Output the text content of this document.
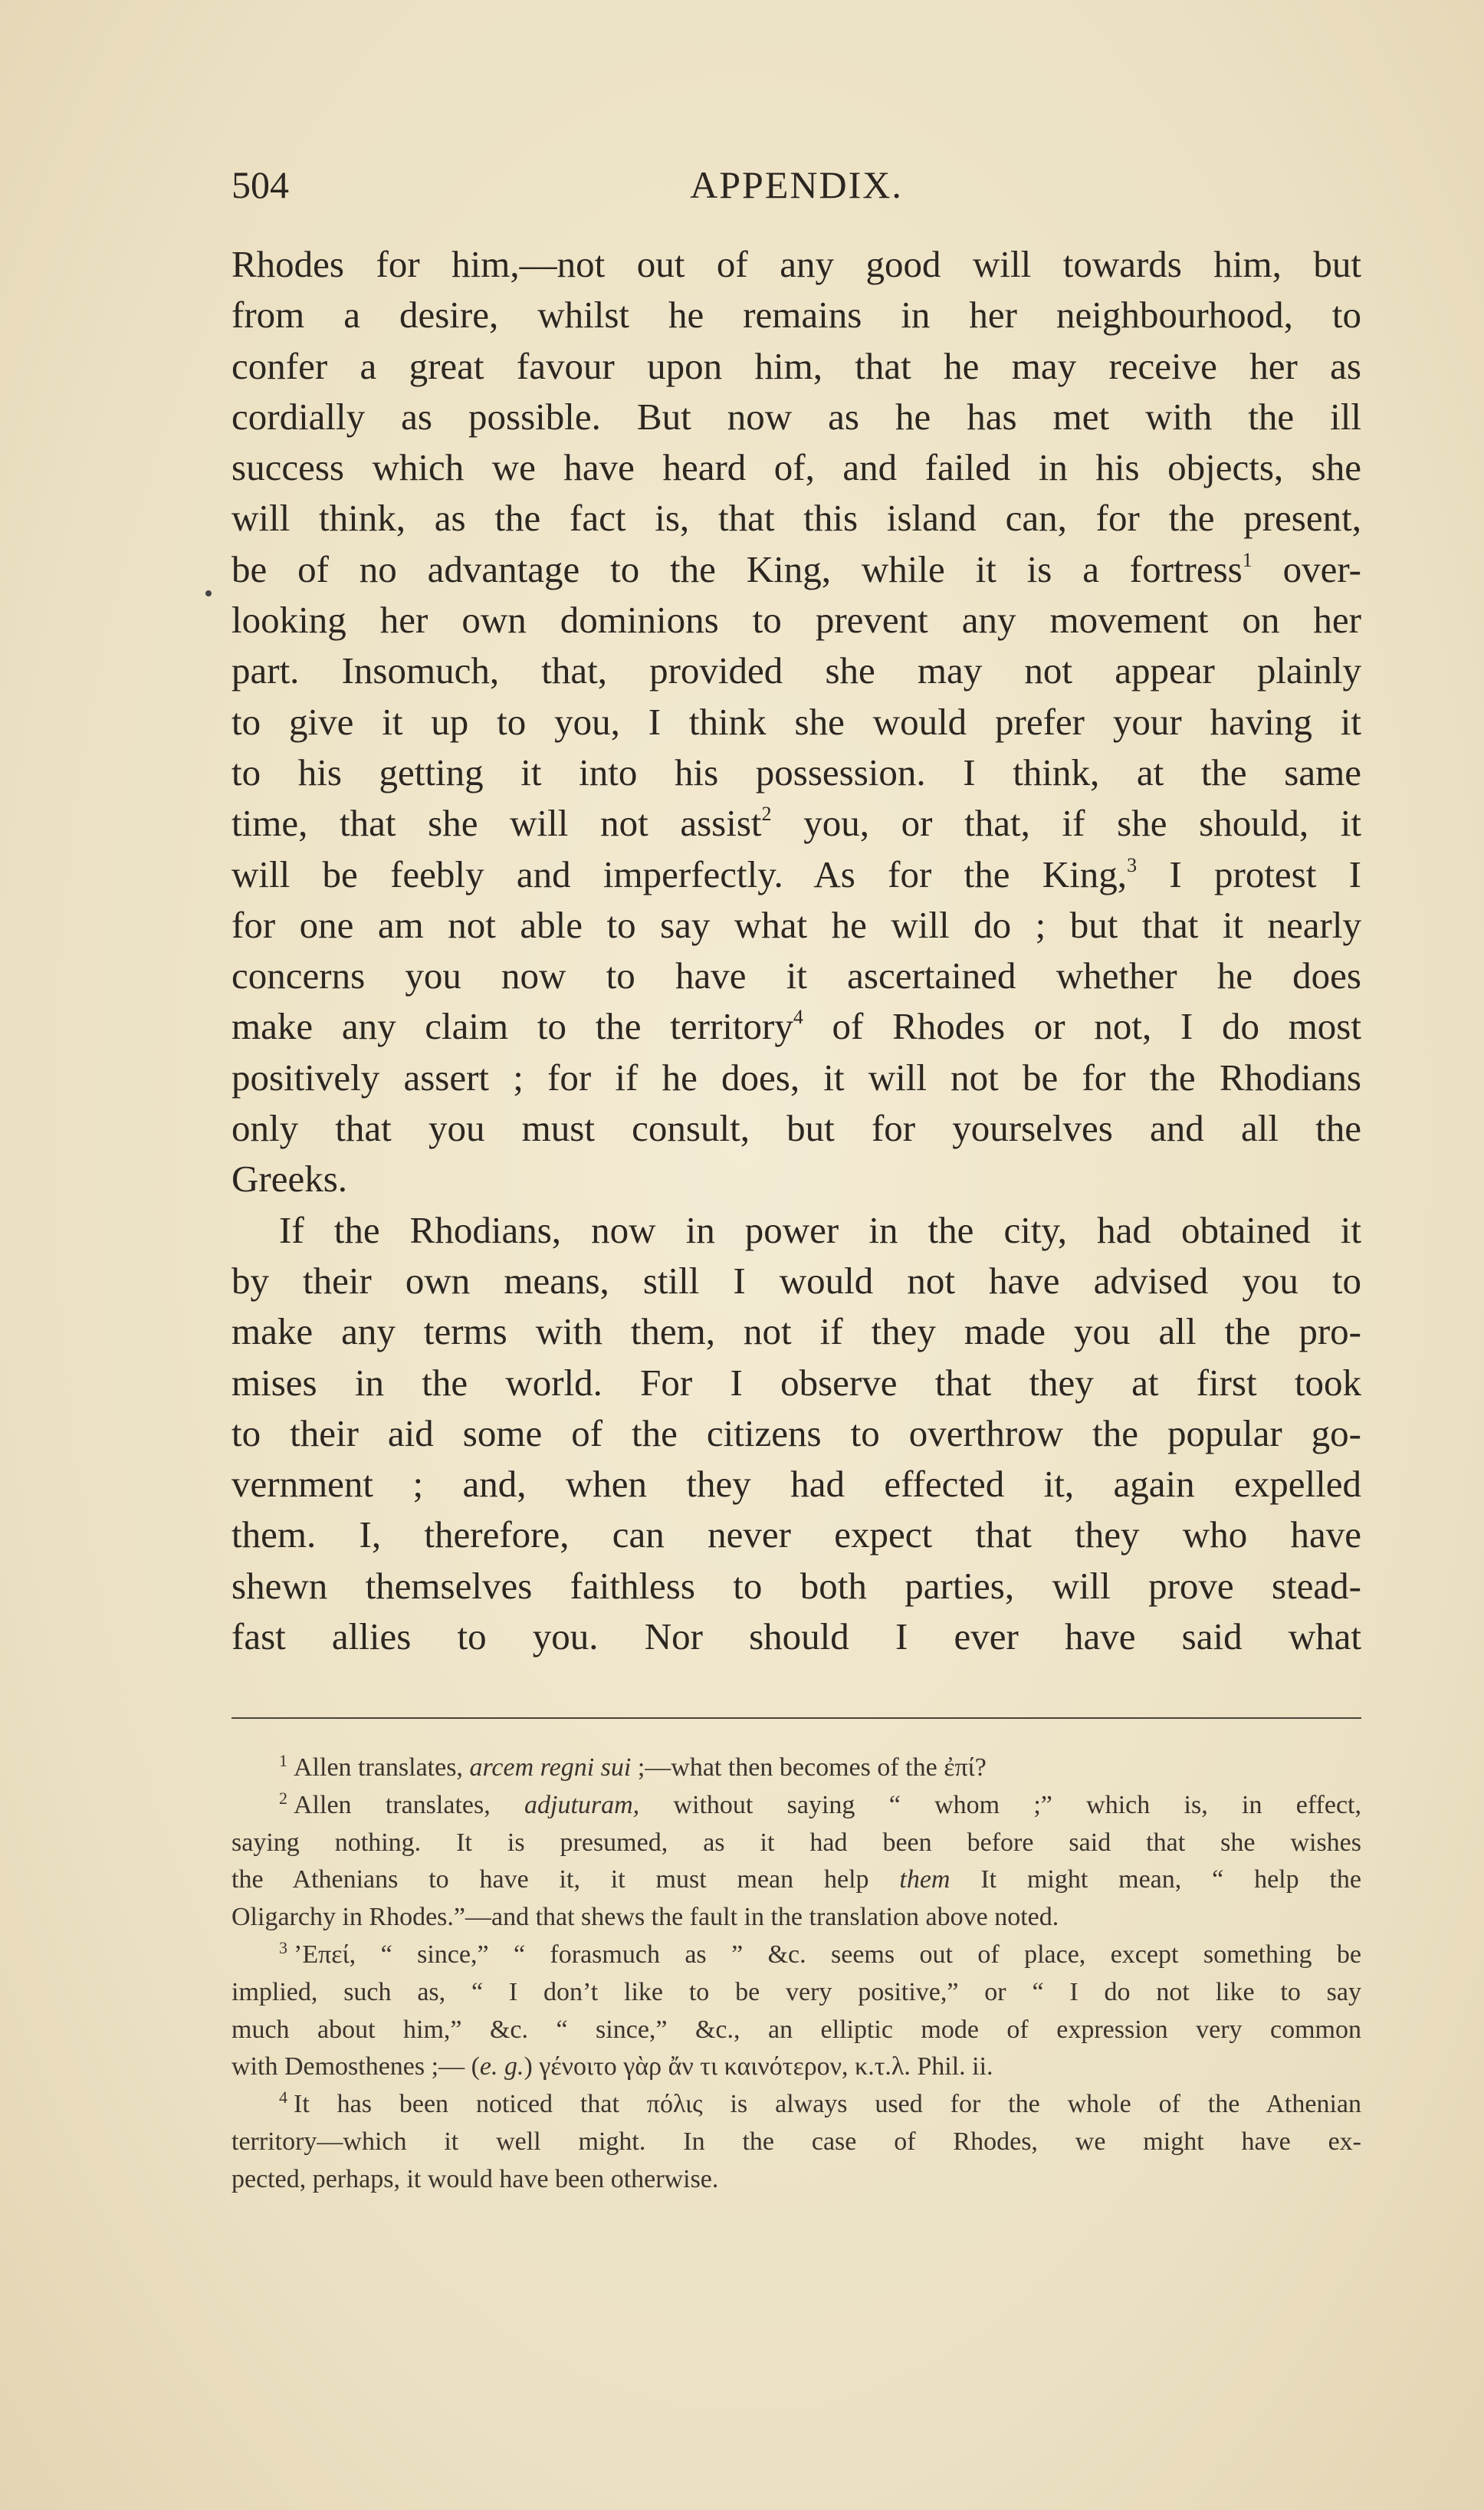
504	APPENDIX.
Rhodes for him,—not out of any good will towards him, but
from a desire, whilst he remains in her neighbourhood, to
confer a great favour upon him, that he may receive her as
cordially as possible. But now as he has met with the ill
success which we have heard of, and failed in his objects, she
will think, as the fact is, that this island can, for the present,
be of no advantage to the King, while it is a fortress$^1$ over-
looking her own dominions to prevent any movement on her
part. Insomuch, that, provided she may not appear plainly
to give it up to you, I think she would prefer your having it
to his getting it into his possession. I think, at the same
time, that she will not assist$^2$ you, or that, if she should, it
will be feebly and imperfectly. As for the King,$^3$ I protest I
for one am not able to say what he will do ; but that it nearly
concerns you now to have it ascertained whether he does
make any claim to the territory$^4$ of Rhodes or not, I do most
positively assert ; for if he does, it will not be for the Rhodians
only that you must consult, but for yourselves and all the
Greeks.
If the Rhodians, now in power in the city, had obtained it
by their own means, still I would not have advised you to
make any terms with them, not if they made you all the pro-
mises in the world. For I observe that they at first took
to their aid some of the citizens to overthrow the popular go-
vernment ; and, when they had effected it, again expelled
them. I, therefore, can never expect that they who have
shewn themselves faithless to both parties, will prove stead-
fast allies to you. Nor should I ever have said what
$^1$ Allen translates, arcem regni sui ;—what then becomes of the ἐπί?
$^2$ Allen translates, adjuturam, without saying “ whom ;” which is, in effect,
saying nothing. It is presumed, as it had been before said that she wishes
the Athenians to have it, it must mean help them It might mean, “ help the
Oligarchy in Rhodes.”—and that shews the fault in the translation above noted.
$^3$ ’Επεί, “ since,” “ forasmuch as ” &c. seems out of place, except something be
implied, such as, “ I don’t like to be very positive,” or “ I do not like to say
much about him,” &c. “ since,” &c., an elliptic mode of expression very common
with Demosthenes ;— (e. g.) γένοιτο γὰρ ἄν τι καινότερον, κ.τ.λ. Phil. ii.
$^4$ It has been noticed that πόλις is always used for the whole of the Athenian
territory—which it well might. In the case of Rhodes, we might have ex-
pected, perhaps, it would have been otherwise.
